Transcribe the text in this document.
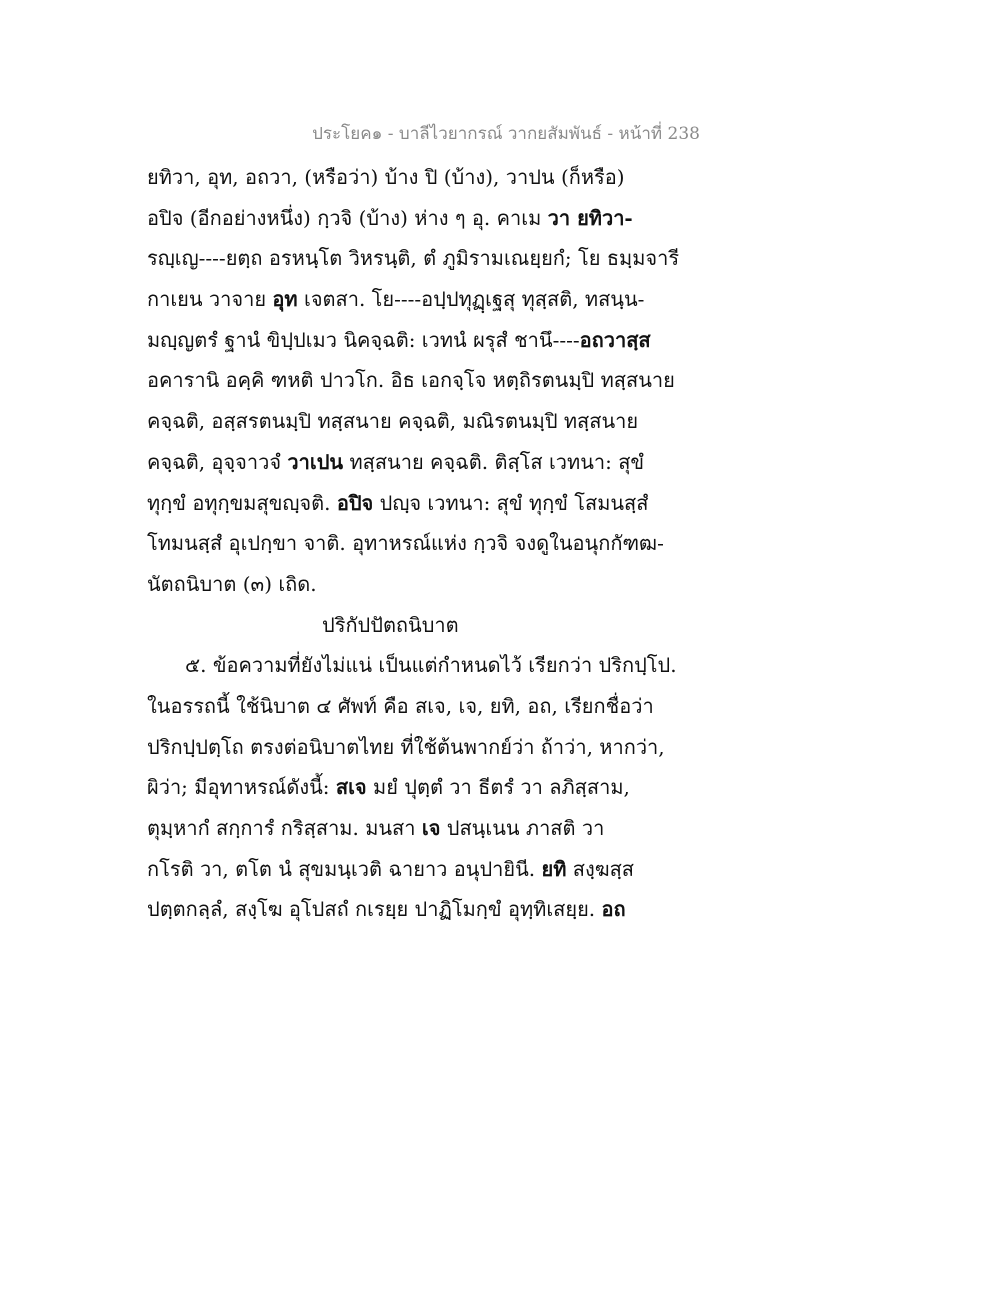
ประโยค๑ - บาลีไวยากรณ์ วากยสัมพันธ์ - หน้าที่ 238
ยทิวา, อุท, อถวา, (หรือว่า) บ้าง ปิ (บ้าง), วาปน (ก็หรือ)
อปิจ (อีกอย่างหนึ่ง) กฺวจิ (บ้าง) ห่าง ๆ อุ. คาเม วา ยทิวา-
รญฺเญ----ยตฺถ อรหนฺโต วิหรนฺติ, ตํ ภูมิรามเณยฺยกํ; โย ธมฺมจารี
กาเยน วาจาย อุท เจตสา. โย----อปฺปทุฏฺเฐสุ ทุสฺสติ, ทสนฺน-
มญฺญตรํ ฐานํ ขิปฺปเมว นิคจฺฉติ: เวทนํ ผรุสํ ชานึ----อถวาสฺส
อคารานิ อคฺคิ ฑหติ ปาวโก. อิธ เอกจฺโจ หตฺถิรตนมฺปิ ทสฺสนาย
คจฺฉติ, อสฺสรตนมฺปิ ทสฺสนาย คจฺฉติ, มณิรตนมฺปิ ทสฺสนาย
คจฺฉติ, อุจฺจาวจํ วาเปน ทสฺสนาย คจฺฉติ. ติสฺโส เวทนา: สุขํ
ทุกฺขํ อทุกฺขมสุขญฺจติ. อปิจ ปญฺจ เวทนา: สุขํ ทุกฺขํ โสมนสฺสํ
โทมนสฺสํ อุเปกฺขา จาติ. อุทาหรณ์แห่ง กฺวจิ จงดูในอนุกกัฑฒ-
นัตถนิบาต (๓) เถิด.
ปริกัปปัตถนิบาต
๕. ข้อความที่ยังไม่แน่ เป็นแต่กำหนดไว้ เรียกว่า ปริกปฺโป.
ในอรรถนี้ ใช้นิบาต ๔ ศัพท์ คือ สเจ, เจ, ยทิ, อถ, เรียกชื่อว่า
ปริกปฺปตฺโถ ตรงต่อนิบาตไทย ที่ใช้ต้นพากย์ว่า ถ้าว่า, หากว่า,
ผิว่า; มีอุทาหรณ์ดังนี้: สเจ มยํ ปุตฺตํ วา ธีตรํ วา ลภิสฺสาม,
ตุมฺหากํ สกฺการํ กริสฺสาม. มนสา เจ ปสนฺเนน ภาสติ วา
กโรติ วา, ตโต นํ สุขมนฺเวติ ฉายาว อนุปายินี. ยทิ สงฺฆสฺส
ปตฺตกลฺลํ, สงฺโฆ อุโปสถํ กเรยฺย ปาฏิโมกฺขํ อุทฺทิเสยฺย. อถ
